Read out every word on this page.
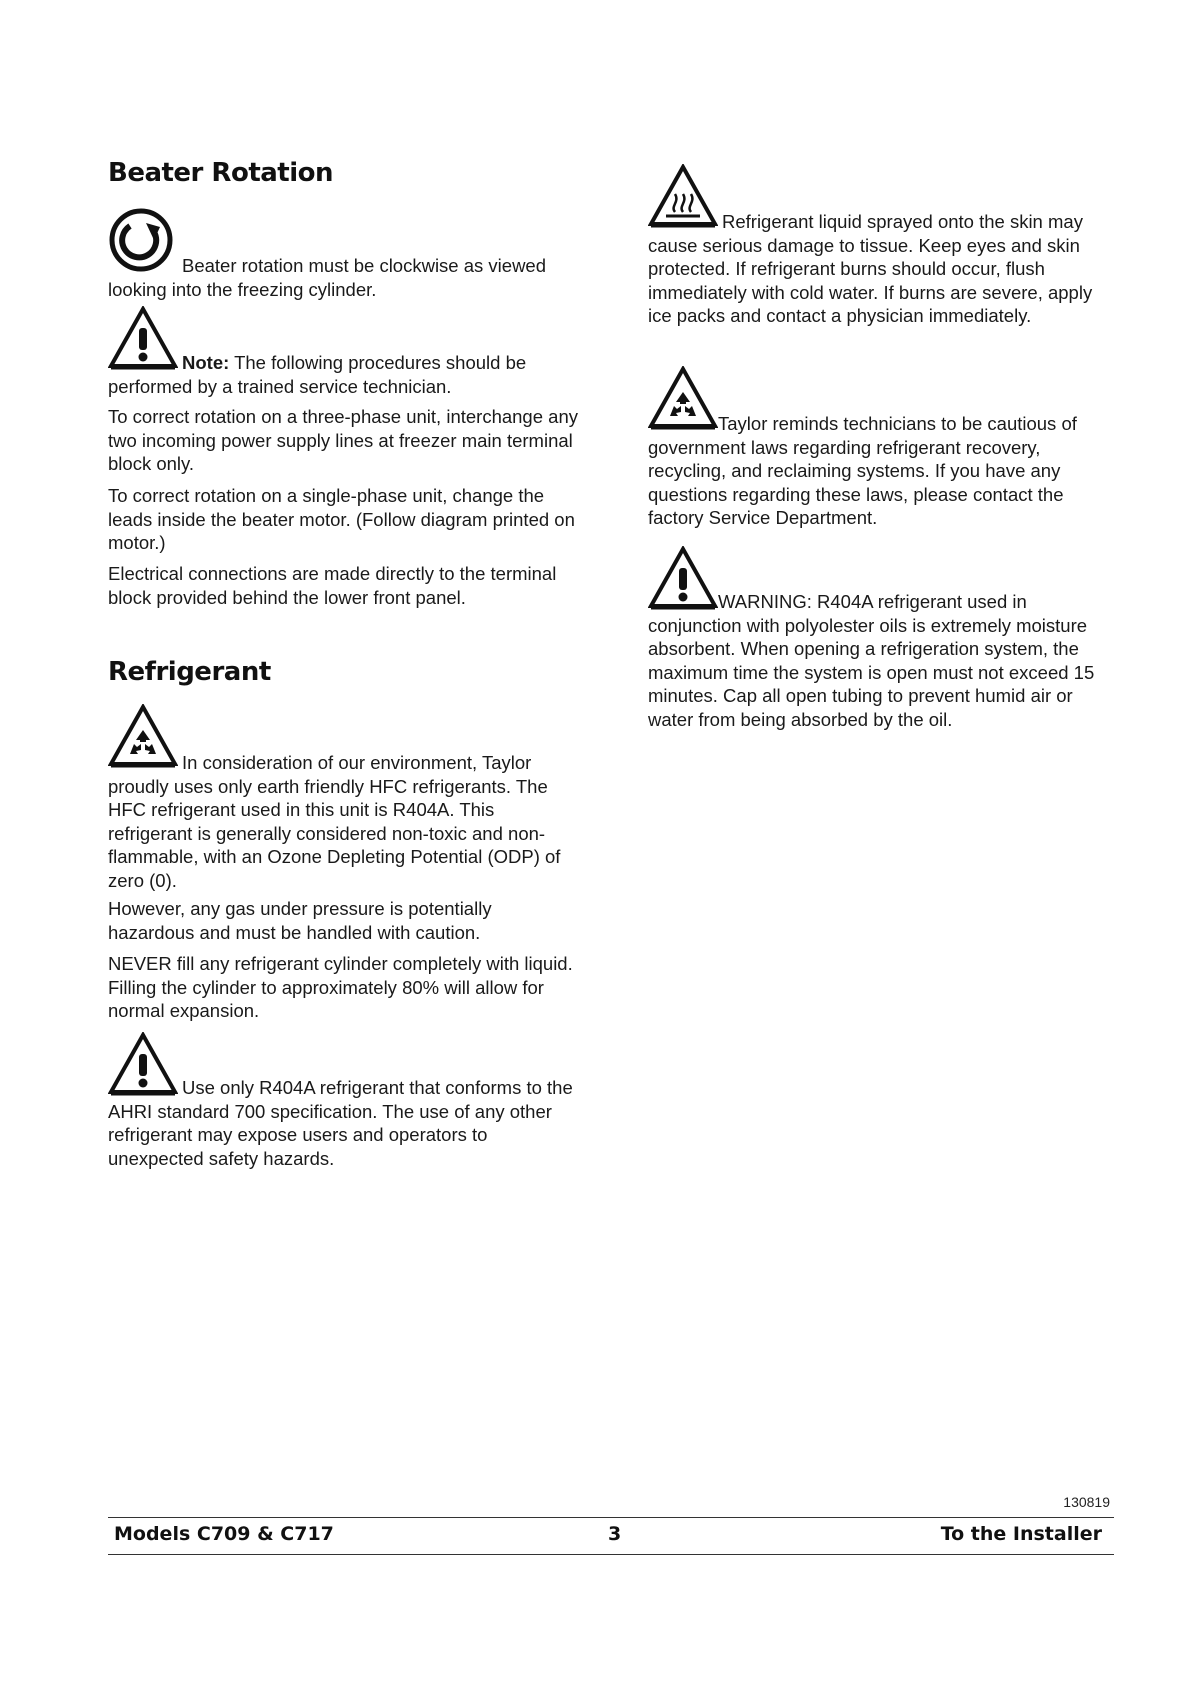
Beater Rotation

Beater rotation must be clockwise as viewed looking into the freezing cylinder.

Note: The following procedures should be performed by a trained service technician.

To correct rotation on a three-phase unit, interchange any two incoming power supply lines at freezer main terminal block only.

To correct rotation on a single-phase unit, change the leads inside the beater motor. (Follow diagram printed on motor.)

Electrical connections are made directly to the terminal block provided behind the lower front panel.

Refrigerant

In consideration of our environment, Taylor proudly uses only earth friendly HFC refrigerants. The HFC refrigerant used in this unit is R404A. This refrigerant is generally considered non-toxic and non-flammable, with an Ozone Depleting Potential (ODP) of zero (0).

However, any gas under pressure is potentially hazardous and must be handled with caution.

NEVER fill any refrigerant cylinder completely with liquid. Filling the cylinder to approximately 80% will allow for normal expansion.

Use only R404A refrigerant that conforms to the AHRI standard 700 specification. The use of any other refrigerant may expose users and operators to unexpected safety hazards.

Refrigerant liquid sprayed onto the skin may cause serious damage to tissue. Keep eyes and skin protected. If refrigerant burns should occur, flush immediately with cold water. If burns are severe, apply ice packs and contact a physician immediately.

Taylor reminds technicians to be cautious of government laws regarding refrigerant recovery, recycling, and reclaiming systems. If you have any questions regarding these laws, please contact the factory Service Department.

WARNING: R404A refrigerant used in conjunction with polyolester oils is extremely moisture absorbent. When opening a refrigeration system, the maximum time the system is open must not exceed 15 minutes. Cap all open tubing to prevent humid air or water from being absorbed by the oil.

130819
Models C709 & C717	3	To the Installer
